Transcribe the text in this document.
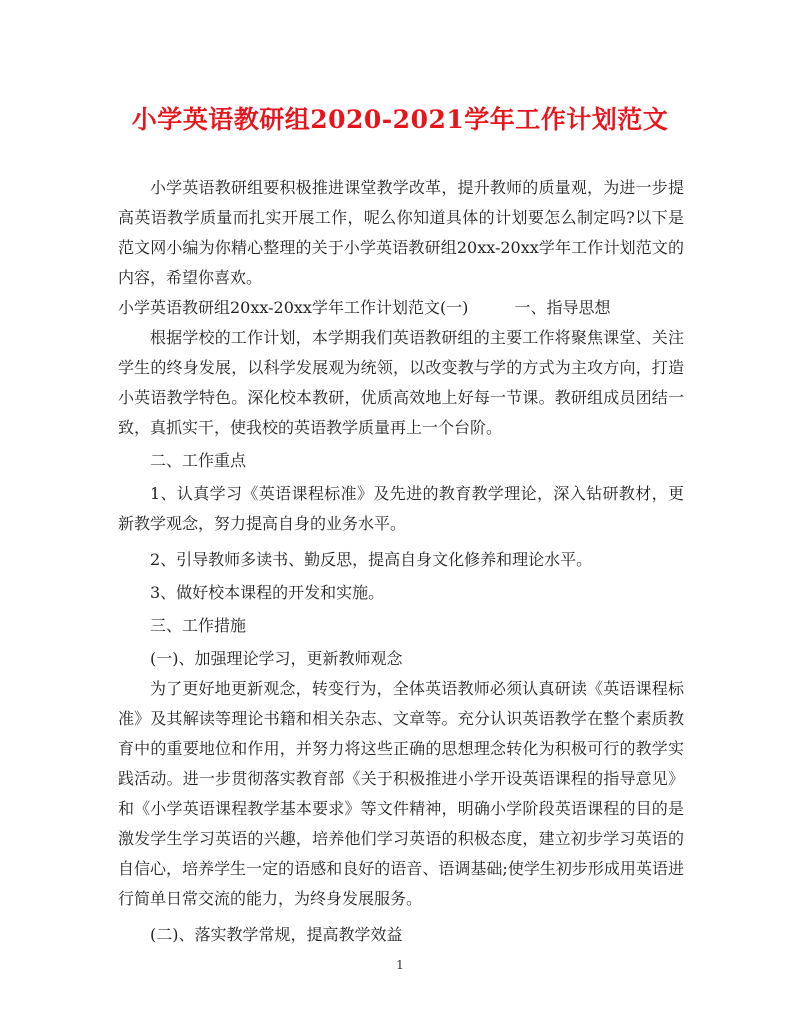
小学英语教研组2020-2021学年工作计划范文

小学英语教研组要积极推进课堂教学改革，提升教师的质量观，为进一步提高英语教学质量而扎实开展工作，呢么你知道具体的计划要怎么制定吗?以下是范文网小编为你精心整理的关于小学英语教研组20xx-20xx学年工作计划范文的内容，希望你喜欢。

小学英语教研组20xx-20xx学年工作计划范文(一)	一、指导思想

根据学校的工作计划，本学期我们英语教研组的主要工作将聚焦课堂、关注学生的终身发展，以科学发展观为统领，以改变教与学的方式为主攻方向，打造小英语教学特色。深化校本教研，优质高效地上好每一节课。教研组成员团结一致，真抓实干，使我校的英语教学质量再上一个台阶。

二、工作重点

1、认真学习《英语课程标准》及先进的教育教学理论，深入钻研教材，更新教学观念，努力提高自身的业务水平。

2、引导教师多读书、勤反思，提高自身文化修养和理论水平。

3、做好校本课程的开发和实施。

三、工作措施

(一)、加强理论学习，更新教师观念

为了更好地更新观念，转变行为，全体英语教师必须认真研读《英语课程标准》及其解读等理论书籍和相关杂志、文章等。充分认识英语教学在整个素质教育中的重要地位和作用，并努力将这些正确的思想理念转化为积极可行的教学实践活动。进一步贯彻落实教育部《关于积极推进小学开设英语课程的指导意见》和《小学英语课程教学基本要求》等文件精神，明确小学阶段英语课程的目的是激发学生学习英语的兴趣，培养他们学习英语的积极态度，建立初步学习英语的自信心，培养学生一定的语感和良好的语音、语调基础;使学生初步形成用英语进行简单日常交流的能力，为终身发展服务。

(二)、落实教学常规，提高教学效益

1
